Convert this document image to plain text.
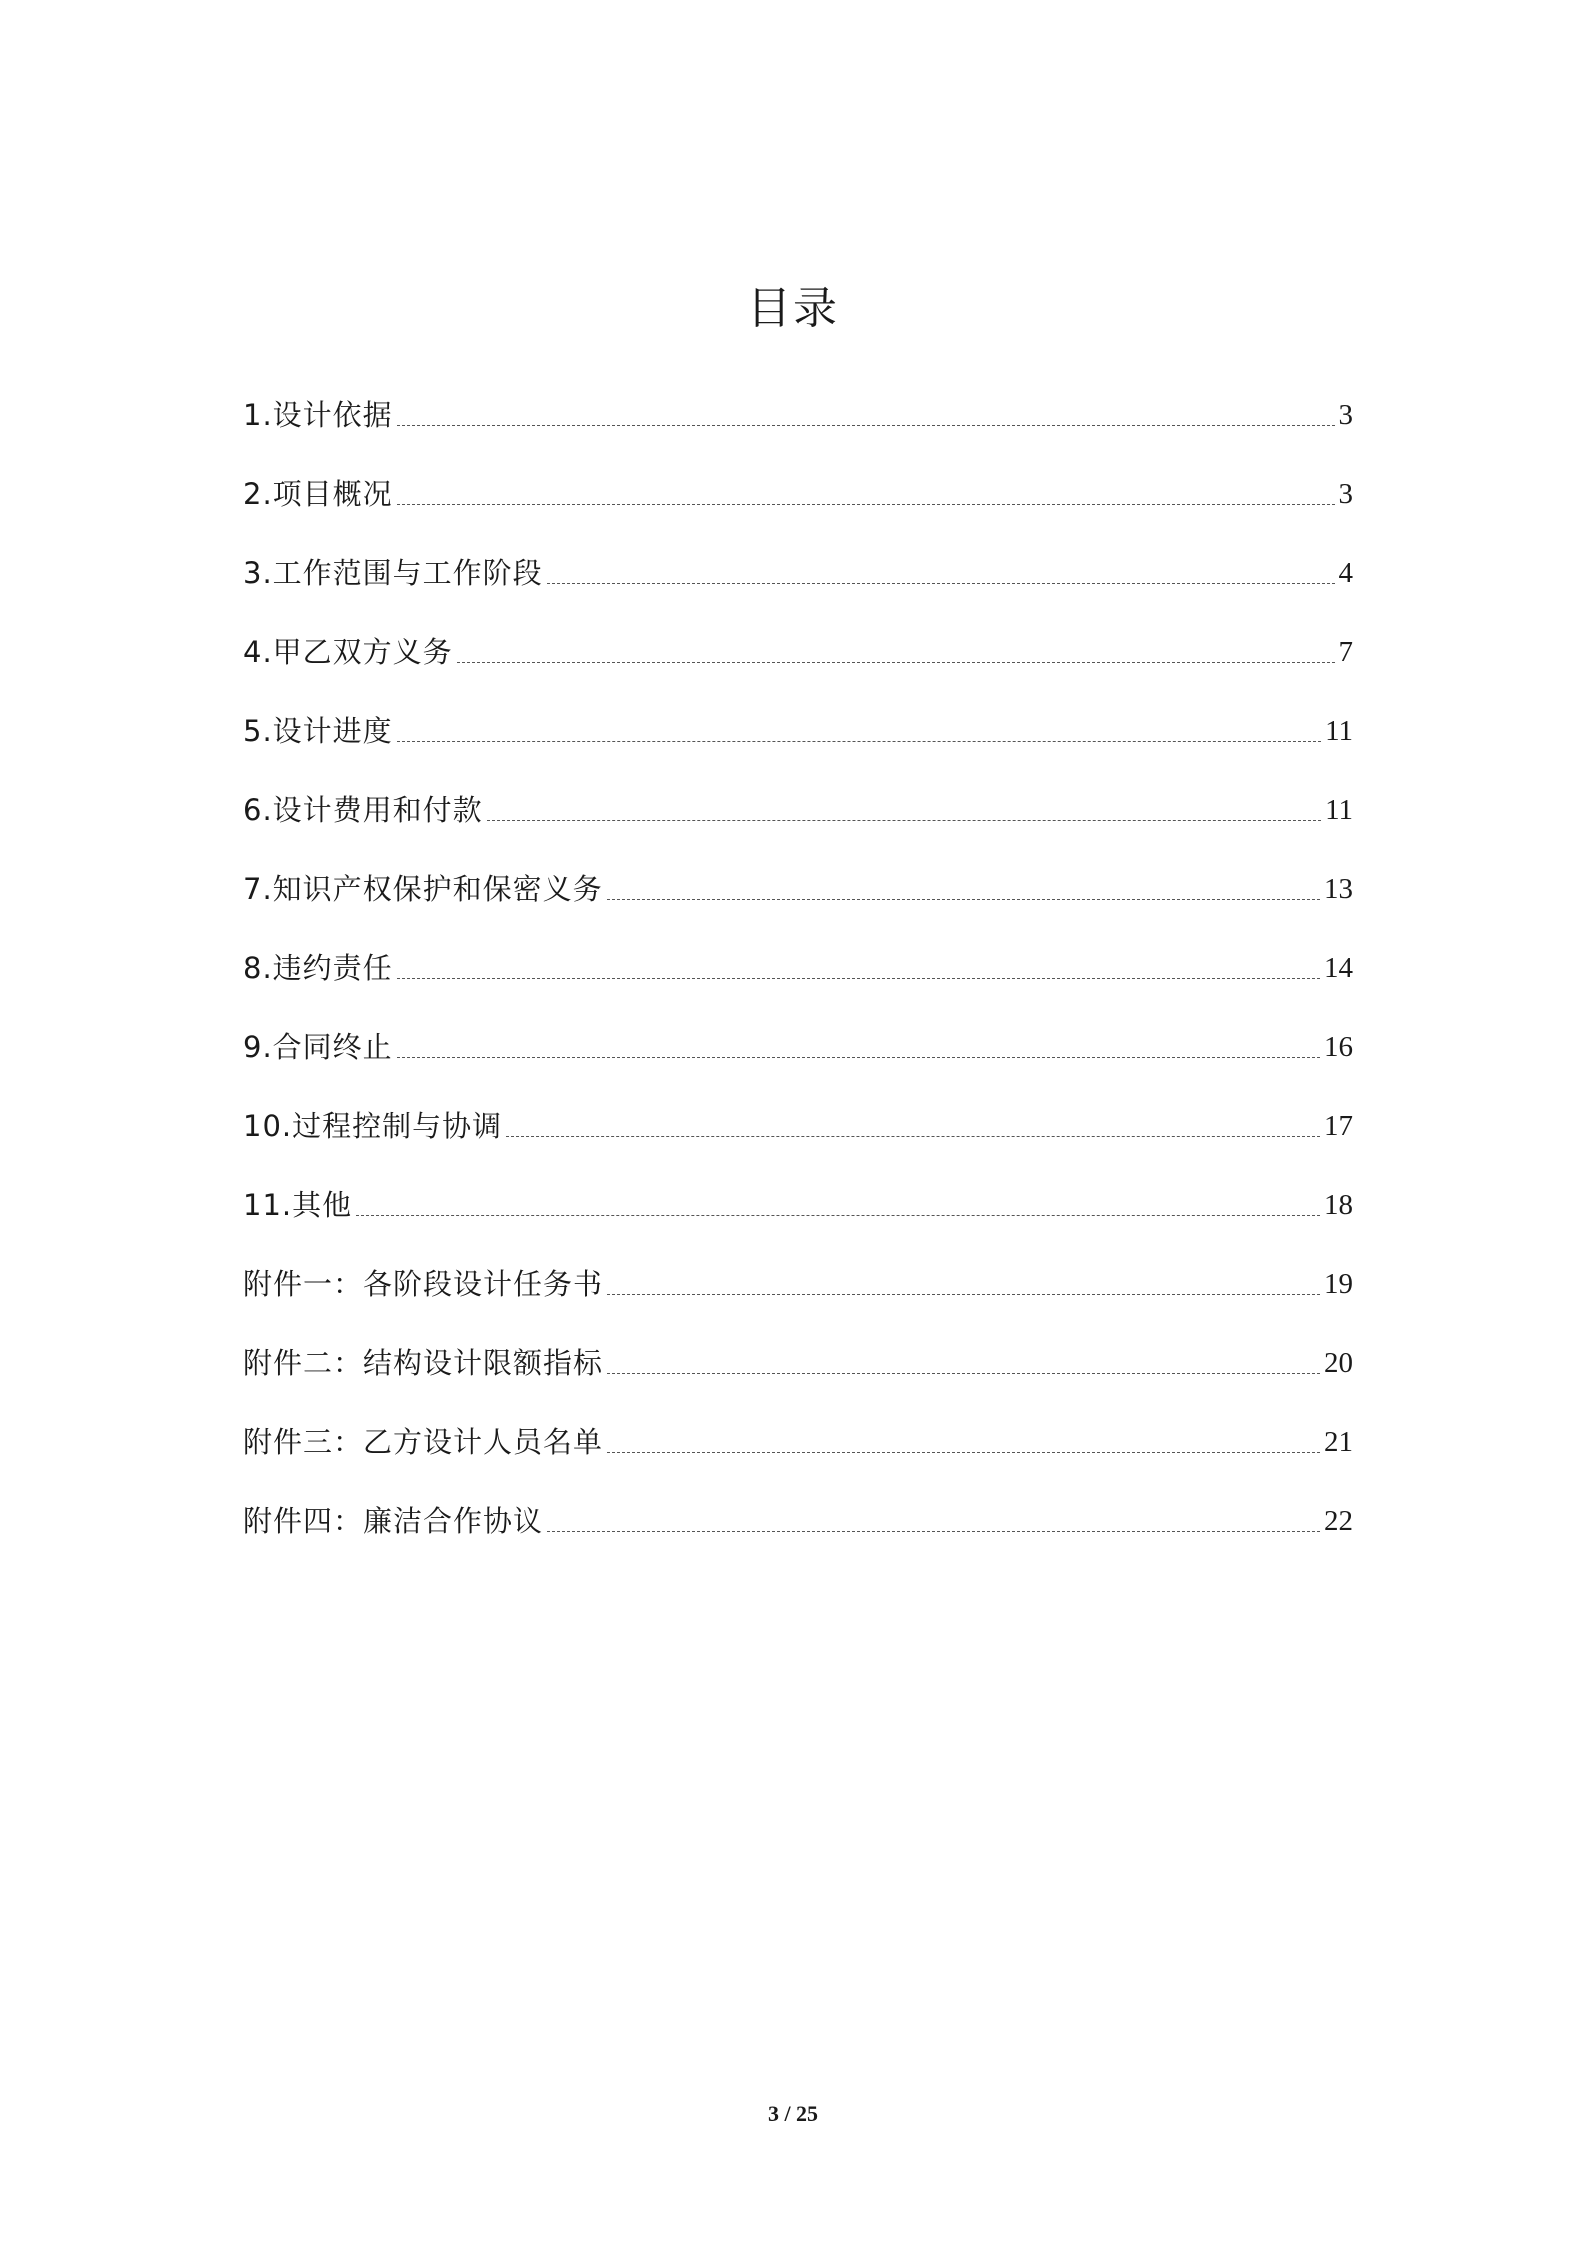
目录
1.设计依据	3
2.项目概况	3
3.工作范围与工作阶段	4
4.甲乙双方义务	7
5.设计进度	11
6.设计费用和付款	11
7.知识产权保护和保密义务	13
8.违约责任	14
9.合同终止	16
10.过程控制与协调	17
11.其他	18
附件一：各阶段设计任务书	19
附件二：结构设计限额指标	20
附件三：乙方设计人员名单	21
附件四：廉洁合作协议	22
3 / 25
